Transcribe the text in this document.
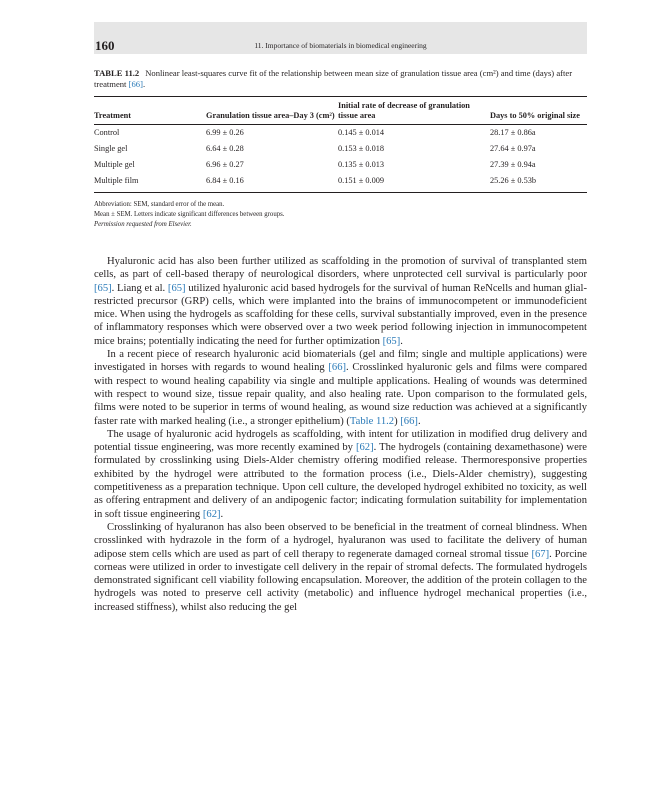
160	11. Importance of biomaterials in biomedical engineering
TABLE 11.2 Nonlinear least-squares curve fit of the relationship between mean size of granulation tissue area (cm²) and time (days) after treatment [66].
Treatment	Granulation tissue area–Day 3 (cm²)	Initial rate of decrease of granulation tissue area	Days to 50% original size
Control	6.99 ± 0.26	0.145 ± 0.014	28.17 ± 0.86a
Single gel	6.64 ± 0.28	0.153 ± 0.018	27.64 ± 0.97a
Multiple gel	6.96 ± 0.27	0.135 ± 0.013	27.39 ± 0.94a
Multiple film	6.84 ± 0.16	0.151 ± 0.009	25.26 ± 0.53b
Abbreviation: SEM, standard error of the mean.
Mean ± SEM. Letters indicate significant differences between groups.
Permission requested from Elsevier.

Hyaluronic acid has also been further utilized as scaffolding in the promotion of survival of transplanted stem cells, as part of cell-based therapy of neurological disorders, where unprotected cell survival is particularly poor [65]. Liang et al. [65] utilized hyaluronic acid based hydrogels for the survival of human ReNcells and human glial-restricted precursor (GRP) cells, which were implanted into the brains of immunocompetent or immunodeficient mice. When using the hydrogels as scaffolding for these cells, survival substantially improved, even in the presence of inflammatory responses which were observed over a two week period following injection in immunocompetent mice brains; potentially indicating the need for further optimization [65].

In a recent piece of research hyaluronic acid biomaterials (gel and film; single and multiple applications) were investigated in horses with regards to wound healing [66]. Crosslinked hyaluronic gels and films were compared with respect to wound healing capability via single and multiple applications. Healing of wounds was determined with respect to wound size, tissue repair quality, and also healing rate. Upon comparison to the formulated gels, films were noted to be superior in terms of wound healing, as wound size reduction was achieved at a significantly faster rate with marked healing (i.e., a stronger epithelium) (Table 11.2) [66].

The usage of hyaluronic acid hydrogels as scaffolding, with intent for utilization in modified drug delivery and potential tissue engineering, was more recently examined by [62]. The hydrogels (containing dexamethasone) were formulated by crosslinking using Diels-Alder chemistry offering modified release. Thermoresponsive properties exhibited by the hydrogel were attributed to the formation process (i.e., Diels-Alder chemistry), suggesting competitiveness as a preparation technique. Upon cell culture, the developed hydrogel exhibited no toxicity, as well as offering entrapment and delivery of an andipogenic factor; indicating formulation suitability for implementation in soft tissue engineering [62].

Crosslinking of hyaluranon has also been observed to be beneficial in the treatment of corneal blindness. When crosslinked with hydrazole in the form of a hydrogel, hyaluranon was used to facilitate the delivery of human adipose stem cells which are used as part of cell therapy to regenerate damaged corneal stromal tissue [67]. Porcine corneas were utilized in order to investigate cell delivery in the repair of stromal defects. The formulated hydrogels demonstrated significant cell viability following encapsulation. Moreover, the addition of the protein collagen to the hydrogels was noted to preserve cell activity (metabolic) and influence hydrogel mechanical properties (i.e., increased stiffness), whilst also reducing the gel
